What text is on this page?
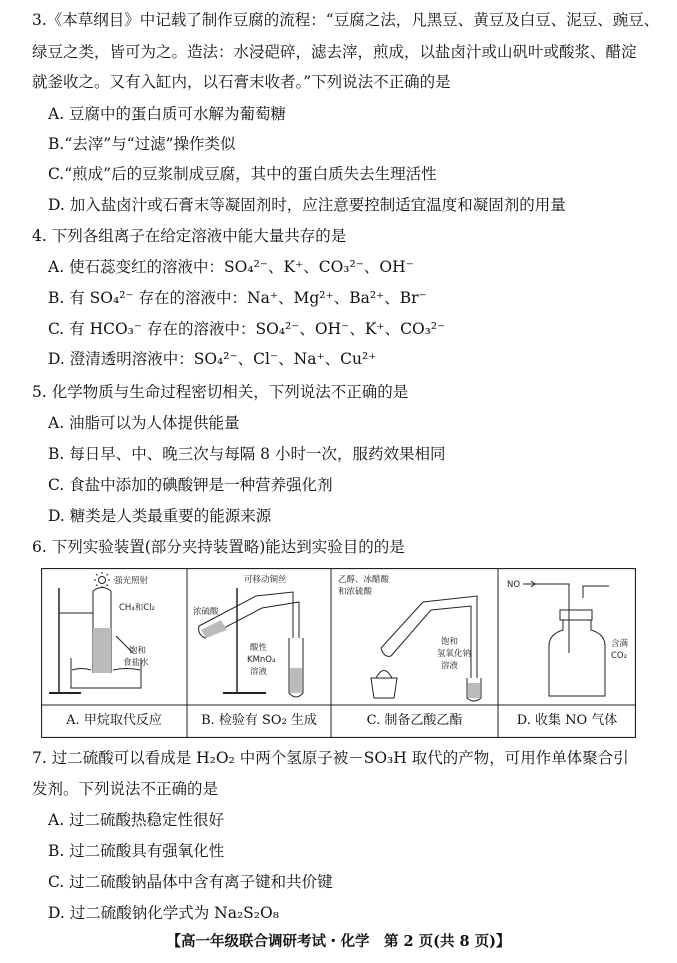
3.《本草纲目》中记载了制作豆腐的流程：“豆腐之法，凡黑豆、黄豆及白豆、泥豆、豌豆、
绿豆之类，皆可为之。造法：水浸硙碎，滤去滓，煎成，以盐卤汁或山矾叶或酸浆、醋淀
就釜收之。又有入缸内，以石膏末收者。”下列说法不正确的是
A. 豆腐中的蛋白质可水解为葡萄糖
B.“去滓”与“过滤”操作类似
C.“煎成”后的豆浆制成豆腐，其中的蛋白质失去生理活性
D. 加入盐卤汁或石膏末等凝固剂时，应注意要控制适宜温度和凝固剂的用量
4. 下列各组离子在给定溶液中能大量共存的是
A. 使石蕊变红的溶液中：SO₄²⁻、K⁺、CO₃²⁻、OH⁻
B. 有 SO₄²⁻ 存在的溶液中：Na⁺、Mg²⁺、Ba²⁺、Br⁻
C. 有 HCO₃⁻ 存在的溶液中：SO₄²⁻、OH⁻、K⁺、CO₃²⁻
D. 澄清透明溶液中：SO₄²⁻、Cl⁻、Na⁺、Cu²⁺
5. 化学物质与生命过程密切相关，下列说法不正确的是
A. 油脂可以为人体提供能量
B. 每日早、中、晚三次与每隔 8 小时一次，服药效果相同
C. 食盐中添加的碘酸钾是一种营养强化剂
D. 糖类是人类最重要的能源来源
6. 下列实验装置(部分夹持装置略)能达到实验目的的是
强光照射
CH₄和Cl₂
饱和
食盐水
可移动铜丝
浓硫酸
酸性
KMnO₄
溶液
乙醇、冰醋酸
和浓硫酸
饱和
氢氧化钠
溶液
NO
含满
CO₂
A. 甲烷取代反应	B. 检验有 SO₂ 生成	C. 制备乙酸乙酯	D. 收集 NO 气体
7. 过二硫酸可以看成是 H₂O₂ 中两个氢原子被－SO₃H 取代的产物，可用作单体聚合引
发剂。下列说法不正确的是
A. 过二硫酸热稳定性很好
B. 过二硫酸具有强氧化性
C. 过二硫酸钠晶体中含有离子键和共价键
D. 过二硫酸钠化学式为 Na₂S₂O₈
【高一年级联合调研考试・化学　第 2 页(共 8 页)】
